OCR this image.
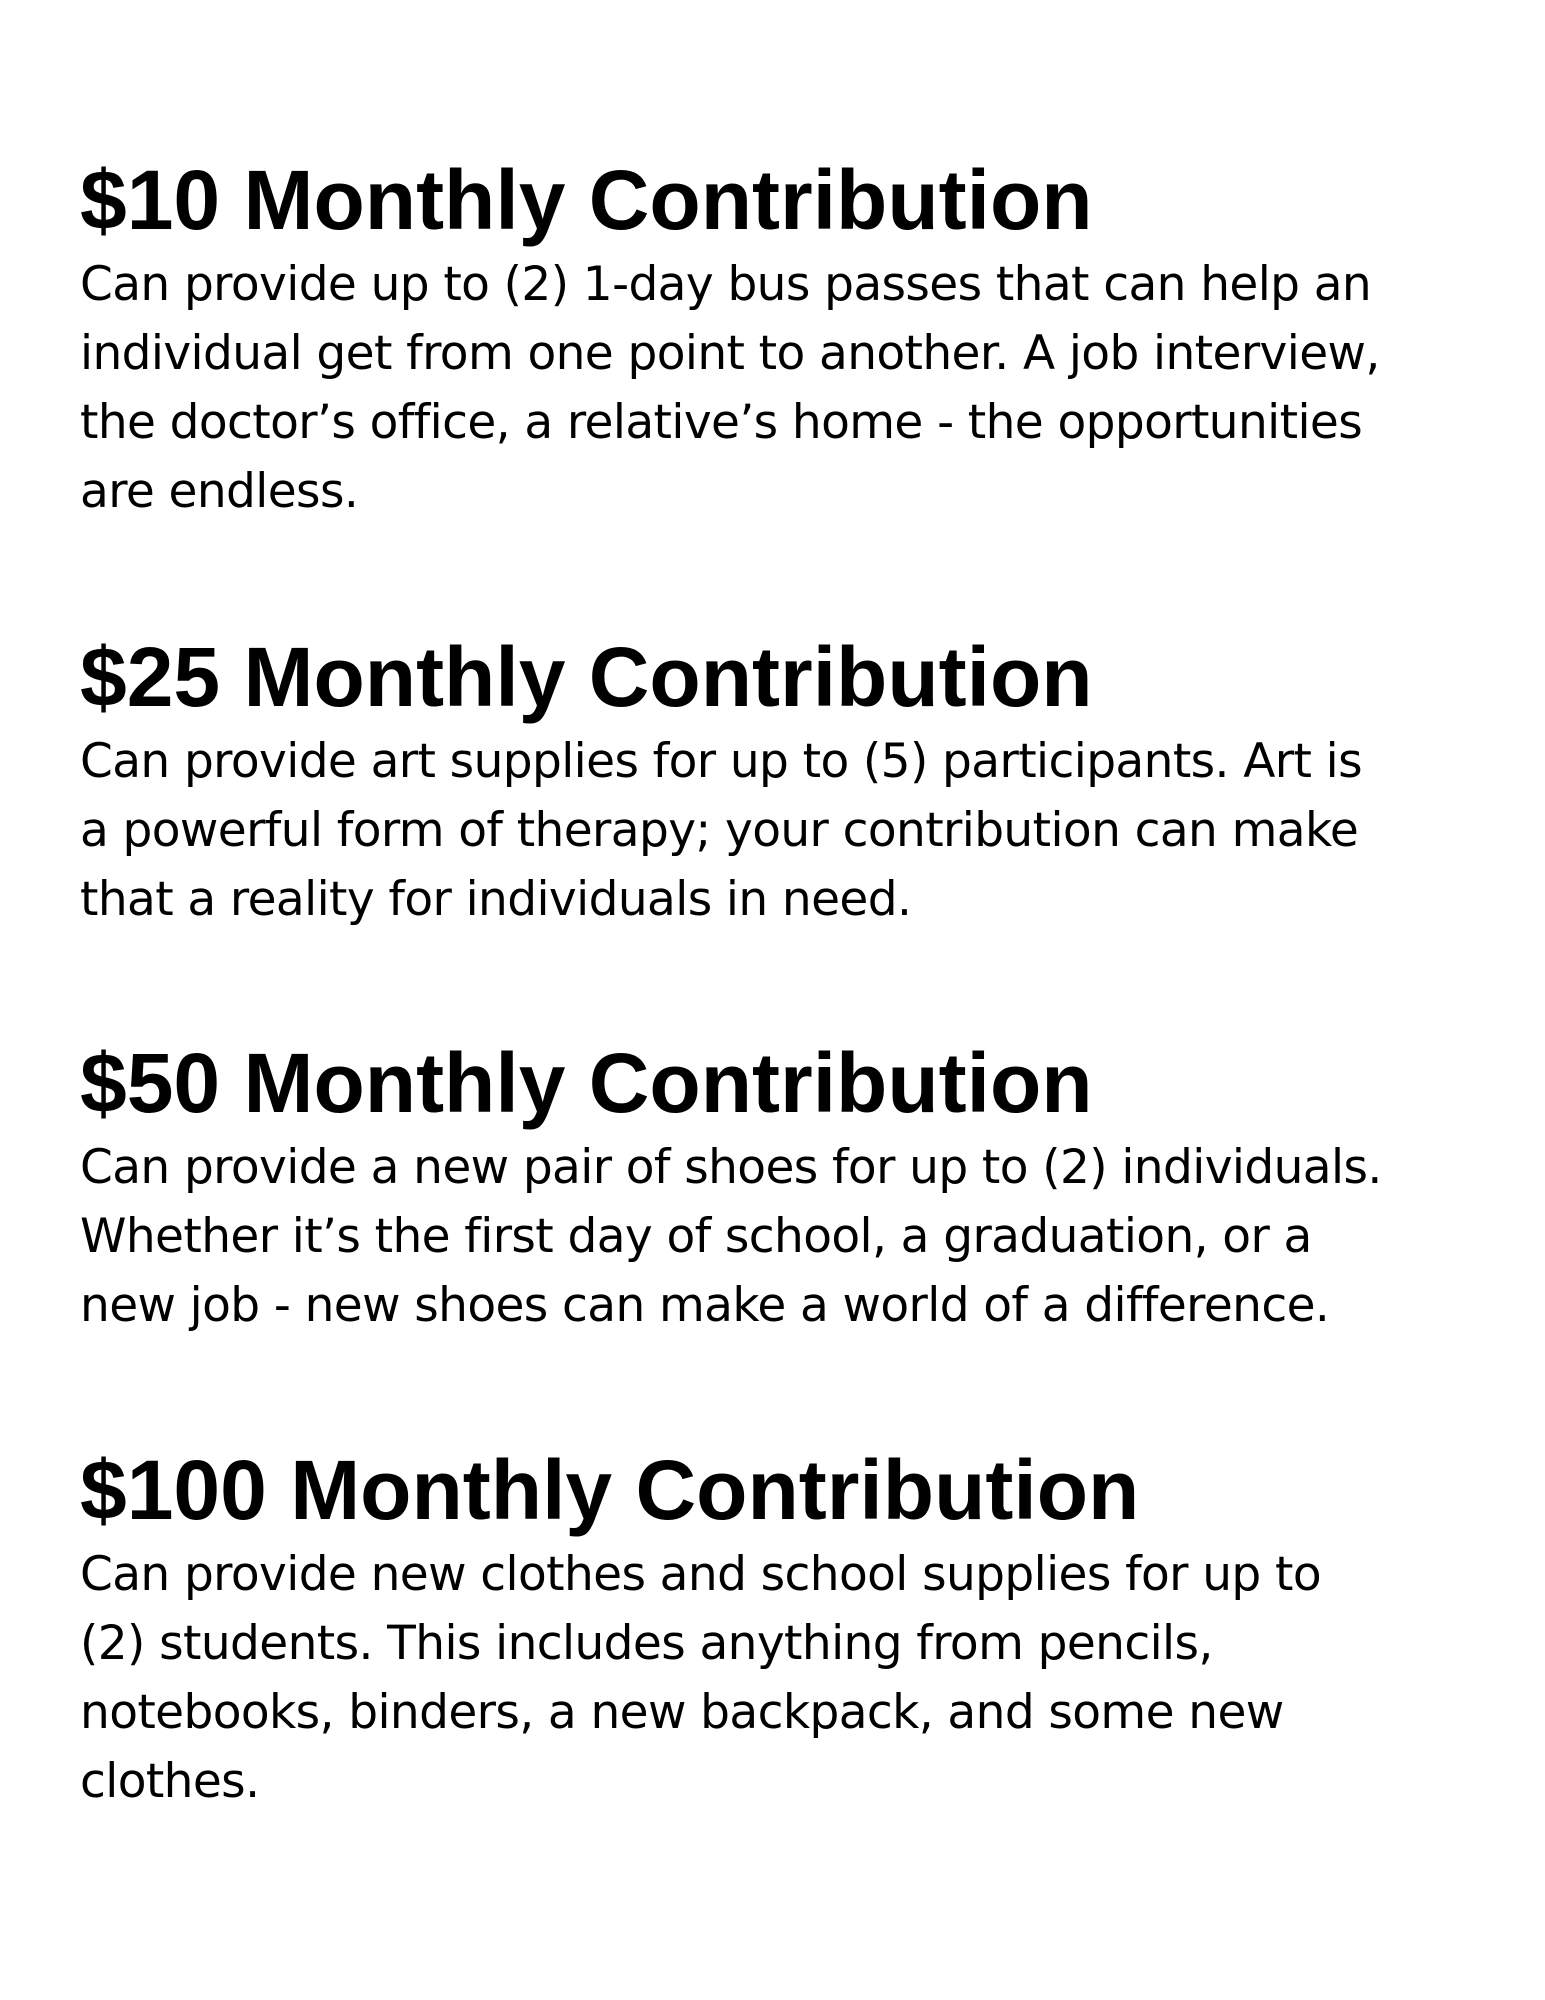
$10 Monthly Contribution

Can provide up to (2) 1-day bus passes that can help an
individual get from one point to another. A job interview,
the doctor’s office, a relative’s home - the opportunities
are endless.

$25 Monthly Contribution

Can provide art supplies for up to (5) participants. Art is
a powerful form of therapy; your contribution can make
that a reality for individuals in need.

$50 Monthly Contribution

Can provide a new pair of shoes for up to (2) individuals.
Whether it’s the first day of school, a graduation, or a
new job - new shoes can make a world of a difference.

$100 Monthly Contribution

Can provide new clothes and school supplies for up to
(2) students. This includes anything from pencils,
notebooks, binders, a new backpack, and some new
clothes.
